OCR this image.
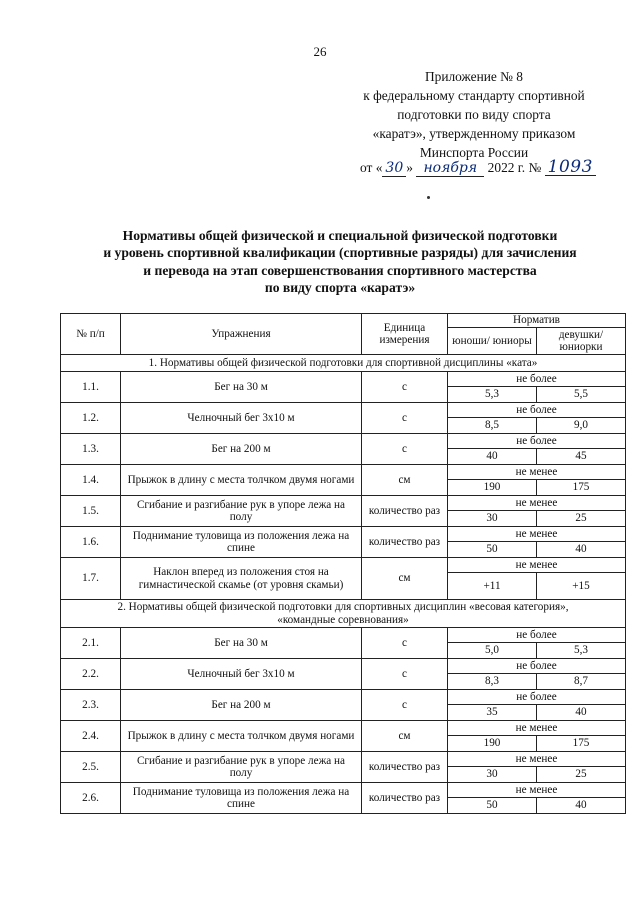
26
Приложение № 8
к федеральному стандарту спортивной
подготовки по виду спорта
«каратэ», утвержденному приказом
Минспорта России
от « 30 » ноября 2022 г. № 1093
Нормативы общей физической и специальной физической подготовки
и уровень спортивной квалификации (спортивные разряды) для зачисления
и перевода на этап совершенствования спортивного мастерства
по виду спорта «каратэ»
№ п/п	Упражнения	Единица измерения	Норматив	
			юноши/ юниоры	девушки/ юниорки
1. Нормативы общей физической подготовки для спортивной дисциплины «ката»				
1.1.	Бег на 30 м	с	не более	
			5,3	5,5
1.2.	Челночный бег 3x10 м	с	не более	
			8,5	9,0
1.3.	Бег на 200 м	с	не более	
			40	45
1.4.	Прыжок в длину с места толчком двумя ногами	см	не менее	
			190	175
1.5.	Сгибание и разгибание рук в упоре лежа на полу	количество раз	не менее	
			30	25
1.6.	Поднимание туловища из положения лежа на спине	количество раз	не менее	
			50	40
1.7.	Наклон вперед из положения стоя на гимнастической скамье (от уровня скамьи)	см	не менее	
			+11	+15
2. Нормативы общей физической подготовки для спортивных дисциплин «весовая категория», «командные соревнования»				
2.1.	Бег на 30 м	с	не более	
			5,0	5,3
2.2.	Челночный бег 3x10 м	с	не более	
			8,3	8,7
2.3.	Бег на 200 м	с	не более	
			35	40
2.4.	Прыжок в длину с места толчком двумя ногами	см	не менее	
			190	175
2.5.	Сгибание и разгибание рук в упоре лежа на полу	количество раз	не менее	
			30	25
2.6.	Поднимание туловища из положения лежа на спине	количество раз	не менее	
			50	40
